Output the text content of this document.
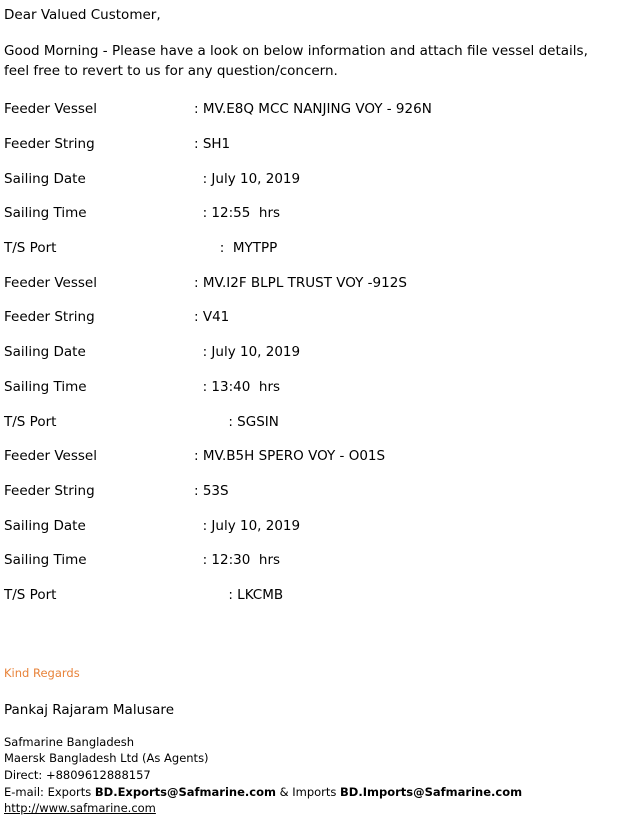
Dear Valued Customer,

Good Morning - Please have a look on below information and attach file vessel details, feel free to revert to us for any question/concern.

Feeder Vessel	: MV.E8Q MCC NANJING VOY - 926N
Feeder String	: SH1
Sailing Date	: July 10, 2019
Sailing Time	: 12:55  hrs
T/S Port	:  MYTPP
Feeder Vessel	: MV.I2F BLPL TRUST VOY -912S
Feeder String	: V41
Sailing Date	: July 10, 2019
Sailing Time	: 13:40  hrs
T/S Port	: SGSIN
Feeder Vessel	: MV.B5H SPERO VOY - O01S
Feeder String	: 53S
Sailing Date	: July 10, 2019
Sailing Time	: 12:30  hrs
T/S Port	: LKCMB

Kind Regards

Pankaj Rajaram Malusare

Safmarine Bangladesh

Maersk Bangladesh Ltd (As Agents)

Direct: +8809612888157

E-mail: Exports BD.Exports@Safmarine.com & Imports BD.Imports@Safmarine.com

http://www.safmarine.com
